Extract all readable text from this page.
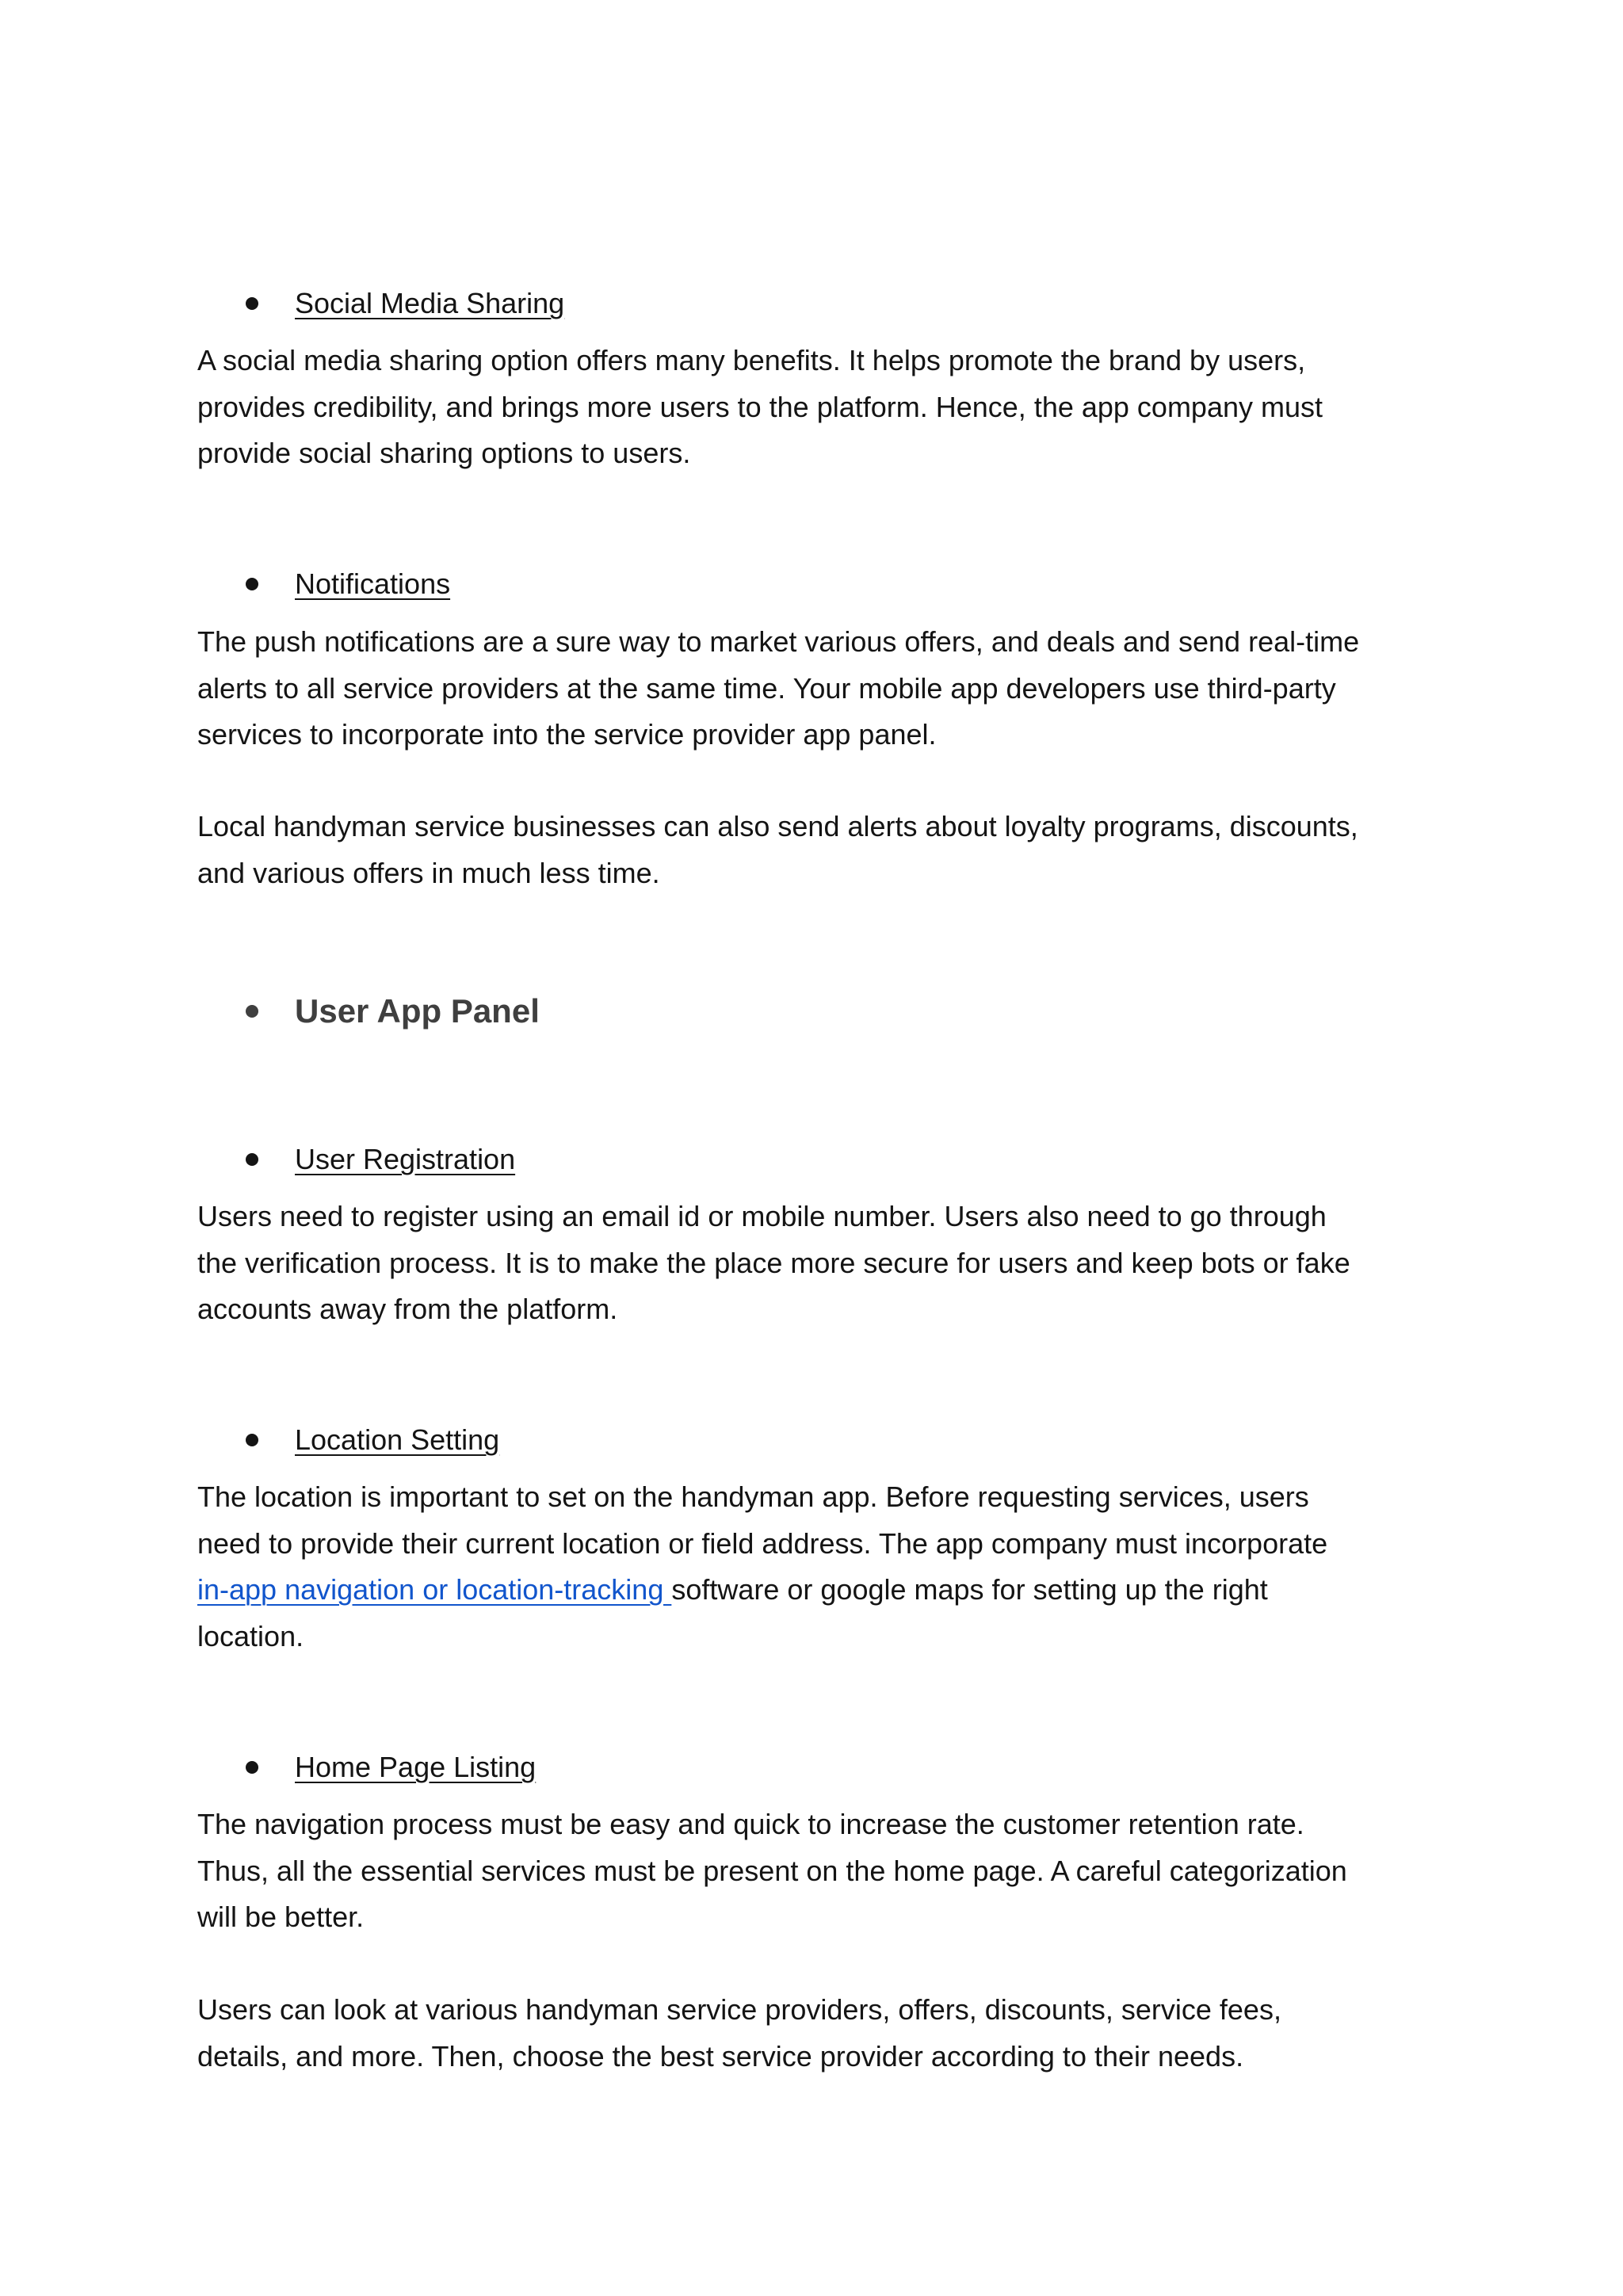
Social Media Sharing

A social media sharing option offers many benefits. It helps promote the brand by users,
provides credibility, and brings more users to the platform. Hence, the app company must
provide social sharing options to users.

Notifications

The push notifications are a sure way to market various offers, and deals and send real-time
alerts to all service providers at the same time. Your mobile app developers use third-party
services to incorporate into the service provider app panel.

Local handyman service businesses can also send alerts about loyalty programs, discounts,
and various offers in much less time.

User App Panel
User Registration

Users need to register using an email id or mobile number. Users also need to go through
the verification process. It is to make the place more secure for users and keep bots or fake
accounts away from the platform.

Location Setting

The location is important to set on the handyman app. Before requesting services, users
need to provide their current location or field address. The app company must incorporate
in-app navigation or location-tracking software or google maps for setting up the right
location.

Home Page Listing

The navigation process must be easy and quick to increase the customer retention rate.
Thus, all the essential services must be present on the home page. A careful categorization
will be better.

Users can look at various handyman service providers, offers, discounts, service fees,
details, and more. Then, choose the best service provider according to their needs.
